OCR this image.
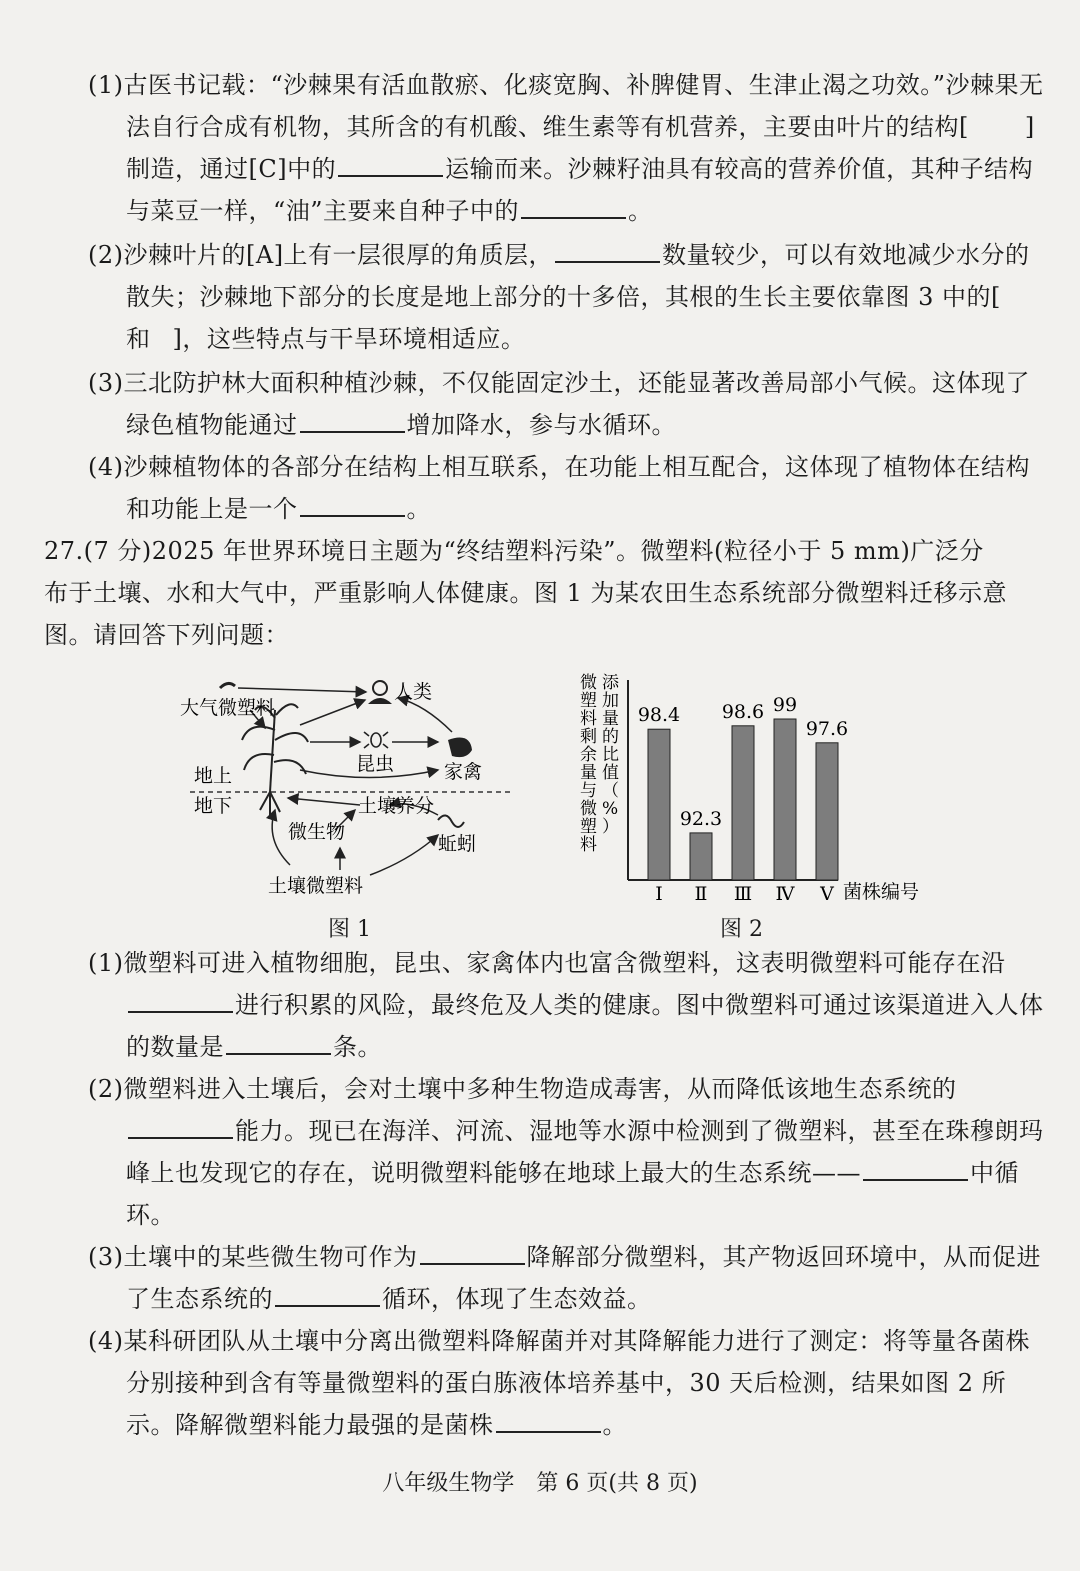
(1)古医书记载：“沙棘果有活血散瘀、化痰宽胸、补脾健胃、生津止渴之功效。”沙棘果无法自行合成有机物，其所含的有机酸、维生素等有机营养，主要由叶片的结构[ ]制造，通过[C]中的	运输而来。沙棘籽油具有较高的营养价值，其种子结构与菜豆一样，“油”主要来自种子中的	。

(2)沙棘叶片的[A]上有一层很厚的角质层，	数量较少，可以有效地减少水分的散失；沙棘地下部分的长度是地上部分的十多倍，其根的生长主要依靠图 3 中的[和 ]，这些特点与干旱环境相适应。

(3)三北防护林大面积种植沙棘，不仅能固定沙土，还能显著改善局部小气候。这体现了绿色植物能通过	增加降水，参与水循环。

(4)沙棘植物体的各部分在结构上相互联系，在功能上相互配合，这体现了植物体在结构和功能上是一个	。

27.(7 分)2025 年世界环境日主题为“终结塑料污染”。微塑料(粒径小于 5 mm)广泛分布于土壤、水和大气中，严重影响人体健康。图 1 为某农田生态系统部分微塑料迁移示意图。请回答下列问题：

大气微塑料
人类
昆虫	家禽
地上
地下	土壤养分
微生物
蚯蚓
土壤微塑料
图 1
微塑料剩余量与微塑料
添加量的比值（%）
98.4
Ⅰ
92.3
Ⅱ
98.6
Ⅲ
99
Ⅳ
97.6
Ⅴ 菌株编号
图 2

(1)微塑料可进入植物细胞，昆虫、家禽体内也富含微塑料，这表明微塑料可能存在沿进行积累的风险，最终危及人类的健康。图中微塑料可通过该渠道进入人体的数量是	条。

(2)微塑料进入土壤后，会对土壤中多种生物造成毒害，从而降低该地生态系统的能力。现已在海洋、河流、湿地等水源中检测到了微塑料，甚至在珠穆朗玛峰上也发现它的存在，说明微塑料能够在地球上最大的生态系统——	中循环。

(3)土壤中的某些微生物可作为	降解部分微塑料，其产物返回环境中，从而促进了生态系统的	循环，体现了生态效益。

(4)某科研团队从土壤中分离出微塑料降解菌并对其降解能力进行了测定：将等量各菌株分别接种到含有等量微塑料的蛋白胨液体培养基中，30 天后检测，结果如图 2 所示。降解微塑料能力最强的是菌株	。

八年级生物学　第 6 页(共 8 页)
